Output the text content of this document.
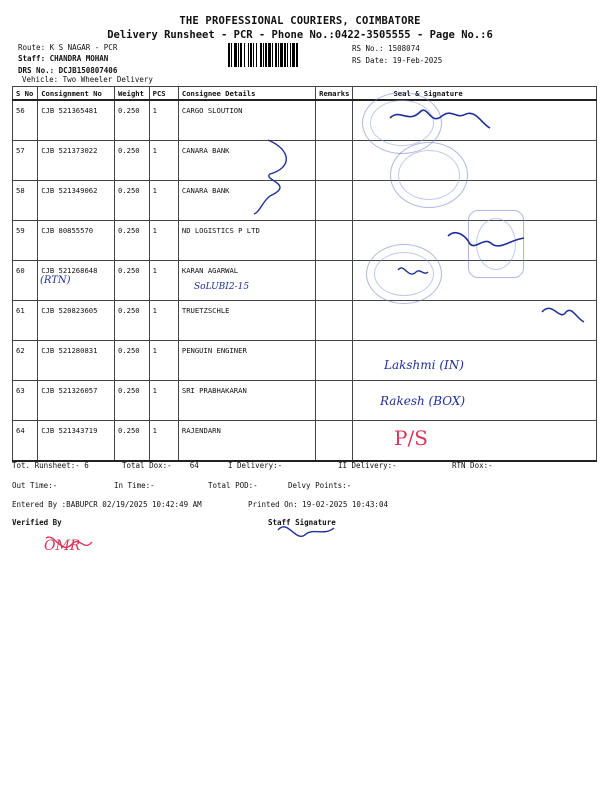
THE PROFESSIONAL COURIERS, COIMBATORE
Delivery Runsheet - PCR - Phone No.:0422-3505555 - Page No.:6
Route: K S NAGAR - PCR
Staff: CHANDRA MOHAN
DRS No.: DCJB150807406
Vehicle: Two Wheeler Delivery
RS No.: 1508074
RS Date: 19-Feb-2025
S No	Consignment No	Weight	PCS	Consignee Details	Remarks	Seal & Signature
56	CJB 521365481	0.250	1	CARGO SLOUTION		
57	CJB 521373022	0.250	1	CANARA BANK		
58	CJB 521349062	0.250	1	CANARA BANK		
59	CJB 80855570	0.250	1	ND LOGISTICS P LTD		
60	CJB 521268648	0.250	1	KARAN AGARWAL		
61	CJB 520823605	0.250	1	TRUETZSCHLE		
62	CJB 521280831	0.250	1	PENGUIN ENGINER		
63	CJB 521326057	0.250	1	SRI PRABHAKARAN		
64	CJB 521343719	0.250	1	RAJENDARN		
(RTN)
SoLUBI2-15
Lakshmi (IN)
Rakesh (BOX)
P/S
OMR
Tot. Runsheet:- 6	Total Dox:-    64	I Delivery:-	II Delivery:-	RTN Dox:-
Out Time:-	In Time:-	Total POD:-	Delvy Points:-
Entered By :BABUPCR 02/19/2025 10:42:49 AM	Printed On: 19-02-2025 10:43:04
Verified By	Staff Signature
